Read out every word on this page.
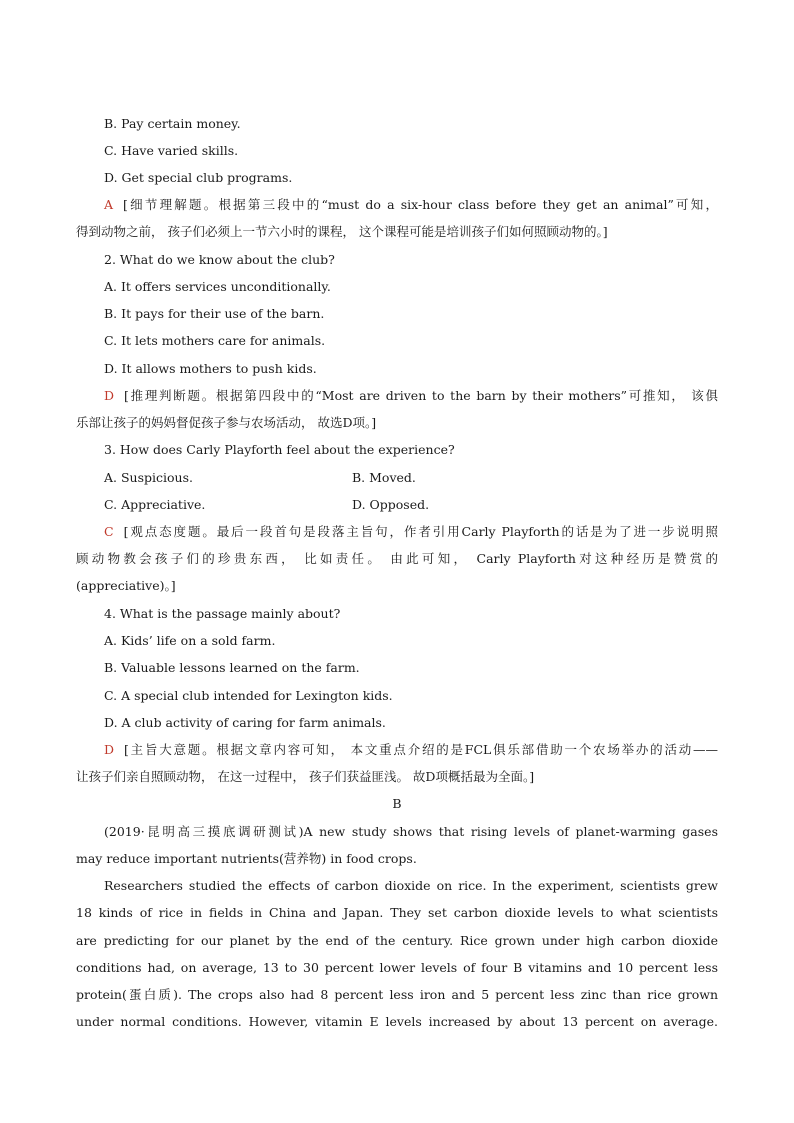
B. Pay certain money.
C. Have varied skills.
D. Get special club programs.
A [细节理解题。根据第三段中的“must do a six-hour class before they get an animal”可知，
得到动物之前， 孩子们必须上一节六小时的课程， 这个课程可能是培训孩子们如何照顾动物的。]
2. What do we know about the club?
A. It offers services unconditionally.
B. It pays for their use of the barn.
C. It lets mothers care for animals.
D. It allows mothers to push kids.
D [推理判断题。根据第四段中的“Most are driven to the barn by their mothers”可推知， 该俱
乐部让孩子的妈妈督促孩子参与农场活动， 故选D项。]
3. How does Carly Playforth feel about the experience?
A. Suspicious.	B. Moved.
C. Appreciative.	D. Opposed.
C [观点态度题。最后一段首句是段落主旨句，作者引用Carly Playforth的话是为了进一步说明照
顾动物教会孩子们的珍贵东西， 比如责任。 由此可知， Carly Playforth对这种经历是赞赏的
(appreciative)。]
4. What is the passage mainly about?
A. Kids’ life on a sold farm.
B. Valuable lessons learned on the farm.
C. A special club intended for Lexington kids.
D. A club activity of caring for farm animals.
D [主旨大意题。根据文章内容可知， 本文重点介绍的是FCL俱乐部借助一个农场举办的活动——
让孩子们亲自照顾动物， 在这一过程中， 孩子们获益匪浅。 故D项概括最为全面。]
B
(2019·昆明高三摸底调研测试)A new study shows that rising levels of planet-warming gases
may reduce important nutrients(营养物) in food crops.
Researchers studied the effects of carbon dioxide on rice. In the experiment, scientists grew
18 kinds of rice in fields in China and Japan. They set carbon dioxide levels to what scientists
are predicting for our planet by the end of the century. Rice grown under high carbon dioxide
conditions had, on average, 13 to 30 percent lower levels of four B vitamins and 10 percent less
protein(蛋白质). The crops also had 8 percent less iron and 5 percent less zinc than rice grown
under normal conditions. However, vitamin E levels increased by about 13 percent on average.
